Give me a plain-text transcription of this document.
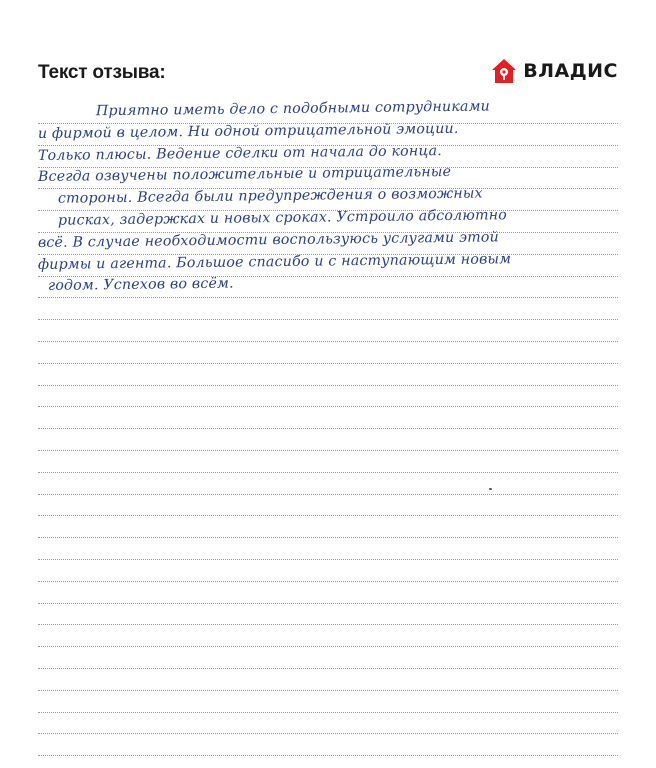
Текст отзыва:	ВЛАДИС
Приятно иметь дело с подобными сотрудниками
и фирмой в целом. Ни одной отрицательной эмоции.
Только плюсы. Ведение сделки от начала до конца.
Всегда озвучены положительные и отрицательные
стороны. Всегда были предупреждения о возможных
рисках, задержках и новых сроках. Устроило абсолютно
всё. В случае необходимости воспользуюсь услугами этой
фирмы и агента. Большое спасибо и с наступающим новым
годом. Успехов во всём.
